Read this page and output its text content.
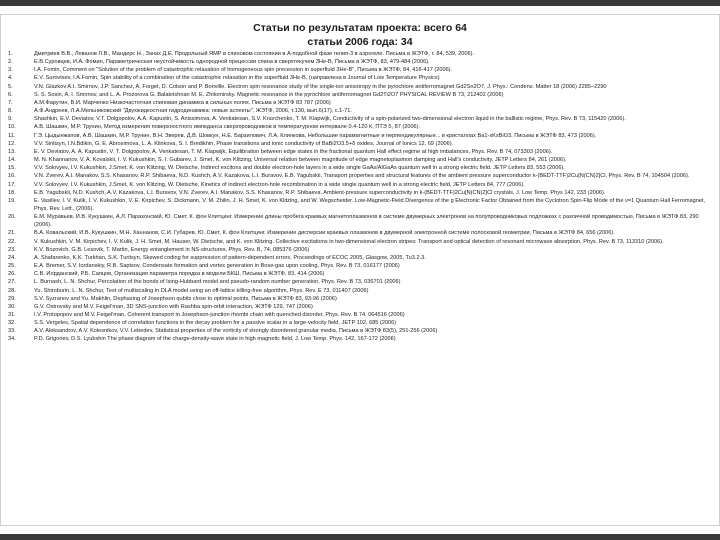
Статьи по результатам проекта: всего 64
статьи 2006 года: 34
1.	Дмитриев В.В., Леванов Л.В., Мандерс Н., Занах Д.Е. Продольный ЯМР в спиновом состоянии в A-подобной фазе гелия-3 в аэрогеле. Письма в ЖЭТФ, т. 84, 539, 2006).
2.	Е.В.Суровцев, И.А. Фомин, Параметрическая неустойчивость однородной прецессии спина в сверхтекучем 3He-B, Письма в ЖЭТФ, 83, 479-484 (2006).
3.	I.A. Fomin, Comment on "Solution of the problem of catastrophic relaxation of homogeneous spin precession in superfluid 3He-B", Письма в ЖЭТФ, 84, 416-417 (2006).
4.	Е.V. Surovtsev, I.A.Fomin, Spin stability of a combination of the catastrophic relaxation in the superfluid 3He-B, (направлена в Journal of Low Temperature Physics)
5.	V.N. Glazkov A.I. Smirnov, J.P. Sanchez, A. Forget, D. Colson and P. Bonville. Electron spin resonance study of the single-ion anisotropy in the pyrochlore antiferromagnet Gd2Sn2O7. J. Phys.: Condens. Matter 18 (2006) 2285–2290
6.	S. S. Sosin, A. I. Smirnov, and L. A. Prozorova G. Balakrishnan M. E. Zhitomirsky. Magnetic resonance in the pyrochlore antiferromagnet Gd2Ti2O7 PHYSICAL REVIEW B 73, 212402 (2006)
7.	А.М.Фарутин, В.И. Марченко Низкочастотная спиновая динамика в сильных полях. Письма в ЖЭТФ 83 787 (2006)
8.	А.Ф.Андреев, Л.А.Мельниковский "Двухжидкостная гидродинамика: новые аспекты", ЖЭТФ, 2006, т.130, вып.6(17), с.1-71.
9.	Shashkin, E.V. Deviatov, V.T. Dolgopolov, A.A. Kapustin, S. Anissimova, A. Venkatesan, S.V. Kravchenko, T. M. Klapwijk, Conductivity of a spin-polarized two-dimensional electron liquid in the ballistic regime, Phys. Rev. B 73, 115420 (2006).
10.	А.В. Шашкин, М.Р. Трунин, Метод измерения поверхностного импеданса сверхпроводников в температурном интервале 0.4-120 К, ПТЭ 5, 87 (2006).
11.	Г.Э. Цыдынжапов, А.В. Шашкин, М.Р. Трунин, В.Н. Зверев, Д.В. Шовкун, Н.Е. Барзилович, Л.А. Клинкова, Небольшие парамагнитные и перпендикулярные... в кристаллах Ba1-xKxBiO3, Письма в ЖЭТФ 83, 473 (2006).
12.	V.V. Sinitsyn, I.N.Bdikin, G. E. Abrosimova, L. A. Klinkova, S. I. Bredikhin, Phase transitions and ionic conductivity of BaBi2O3.5+δ oxides, Journal of Ionics 12, 69 (2006).
13.	E. V. Deviatov, A. A. Kapustin, V. T. Dolgopolov, A. Venkatesan, T. M. Klapwijk, Equilibration between edge states in the fractional quantum Hall effect regime at high imbalances, Phys. Rev. B 74, 073303 (2006).
14.	M. N. Khannanov, V. A. Kovalskii, I. V. Kukushkin, S. I. Gubarev, J. Smet, K. von Klitzing, Universal relation between magnitude of edge magnetoplasmon damping and Hall's conductivity, JETP Letters 84, 261 (2006).
15.	V.V. Solovyev, I.V. Kukushkin, J.Smet, K. von Klitzing, W. Dietsche, Indirect excitons and double electron-hole layers in a wide single GaAs/AlGaAs quantum well in a strong electric field, JETP Letters 83, 553 (2006).
16.	V.N. Zverev, A.I. Manakov, S.S. Khasanov, R.P. Shibaeva, N.D. Kushch, A.V. Kazakova, L.I. Buravov, E.B. Yagubskii, Transport properties and structural features of the ambient pressure superconductor k-(BEDT-TTF)2Cu[N(CN)2]Cl, Phys. Rev. B 74, 104504 (2006).
17.	V.V. Solovyev, I.V. Kukushkin, J.Smet, K. von Klitzing, W. Dietsche, Kinetics of indirect electron-hole recombination in a wide single quantum well in a strong electric field, JETP Letters 84, 777 (2006).
18.	E.B. Yagubskii, N.D. Kushch, A.V. Kazakova, L.I. Buravov, V.N. Zverev, A.I. Manakov, S.S. Khasanov, R.P. Shibaeva. Ambient-pressure superconductivity in k-(BEDT-TTF)2Cu[N(CN)2]Cl crystals, J. Low Temp. Phys 142, 233 (2006).
19.	E. Vasiliev, I. V. Kulik, I. V. Kukushkin, V. E. Kirpichev, S. Dickmann, V. M. Zhilin, J. H. Smet, K. von Klitzing, and W. Wegscheider. Low-Magnetic-Field Divergence of the g Electronic Factor Obtained from the Cyclotron Spin-Flip Mode of the ν=1 Quantum Hall Ferromagnet, Phys. Rev. Lett., (2006).
20.	Е.М. Муравьев, И.В. Кукушкин, А.Л. Парахонский, Ю. Смет, К. фон Клитцинг. Измерение длины пробега краевых магнитоплазмонов в системе двумерных электронов на полупроводниковых подложках с различной проводимостью, Письма в ЖЭТФ 83, 290 (2006).
21.	В.А. Ковальский, И.В. Кукушкин, М.Н. Ханнанов, С.И. Губарев, Ю. Смет, К. фон Клитцинг. Измерение дисперсии краевых плазмонов в двумерной электронной системе полосковой геометрии, Письма в ЖЭТФ 84, 656 (2006).
22.	V. Kukushkin, V. M. Kirpichev, I. V. Kulik, J. H. Smet, M. Hauser, W. Dietsche, and K. von Klitzing. Collective excitations in two-dimensional electron stripes: Transport and optical detection of resonant microwave absorption, Phys. Rev. B 73, 113310 (2006).
23.	K.V. Bozovich, G.B. Lesovik, T. Martin, Energy entanglement in NS-structures, Phys. Rev. B, 74, 085376 (2006)
24.	A. Shafarenko, K.K. Turkhan, S.K. Turitsyn, Skewed coding for suppression of pattern-dependent errors, Proceedings of ECOC 2005, Glasgow, 2005, Tu3.2.3.
25.	E.A. Bremer, S.V. Iordanskiy, R.B. Saptsov, Condensate formation and vortex generation in Bose-gas upon cooling, Phys. Rev. B 73, 016177 (2006)
26.	С.В. Иорданский, Р.Б. Сапцов, Организация параметра порядка в модели БКШ, Письма в ЖЭТФ, 83, 414 (2006)
27.	L. Burnash, L. N. Shchur, Percolation of the bonds of Ising-Hubbard model and pseudo-random number generation, Phys. Rev. B 73, 036701 (2006)
28.	Yu. Shiroburin, L. N. Shchur, Test of multiscaling in DLA model using an off-lattice killing-free algorithm, Phys. Rev. E 73, 011407 (2006)
29.	S.V. Syzranov and Yu. Makhlin, Dephasing of Josephson qubits close to optimal points, Письма в ЖЭТФ 83, 93-96 (2006)
30.	G.V. Ostrovsky and M.V. Feigel'man, 3D SNS-junction with Rashba spin-orbit interaction, ЖЭТФ 129, 747 (2006)
31.	I.V. Protopopov and M.V. Feigel'man, Coherent transport in Josephson-junction rhombi chain with quenched disorder, Phys. Rev. B 74, 064516 (2006)
32.	S.S. Vergeles, Spatial dependence of correlation functions in the decay problem for a passive scalar in a large-velocity field, JETP 102, 685 (2006)
33.	A.V. Aleksandrov, A.V. Kolesnikov, V.V. Lebedev, Statistical properties of the vorticity of strongly disordered granular media, Письма в ЖЭТФ 83(5), 251-256 (2006)
34.	P.D. Grigoriev, D.S. Lyubshin The phase diagram of the charge-density-wave state in high magnetic field, J. Low Temp. Phys. 142, 167-172 (2006)
